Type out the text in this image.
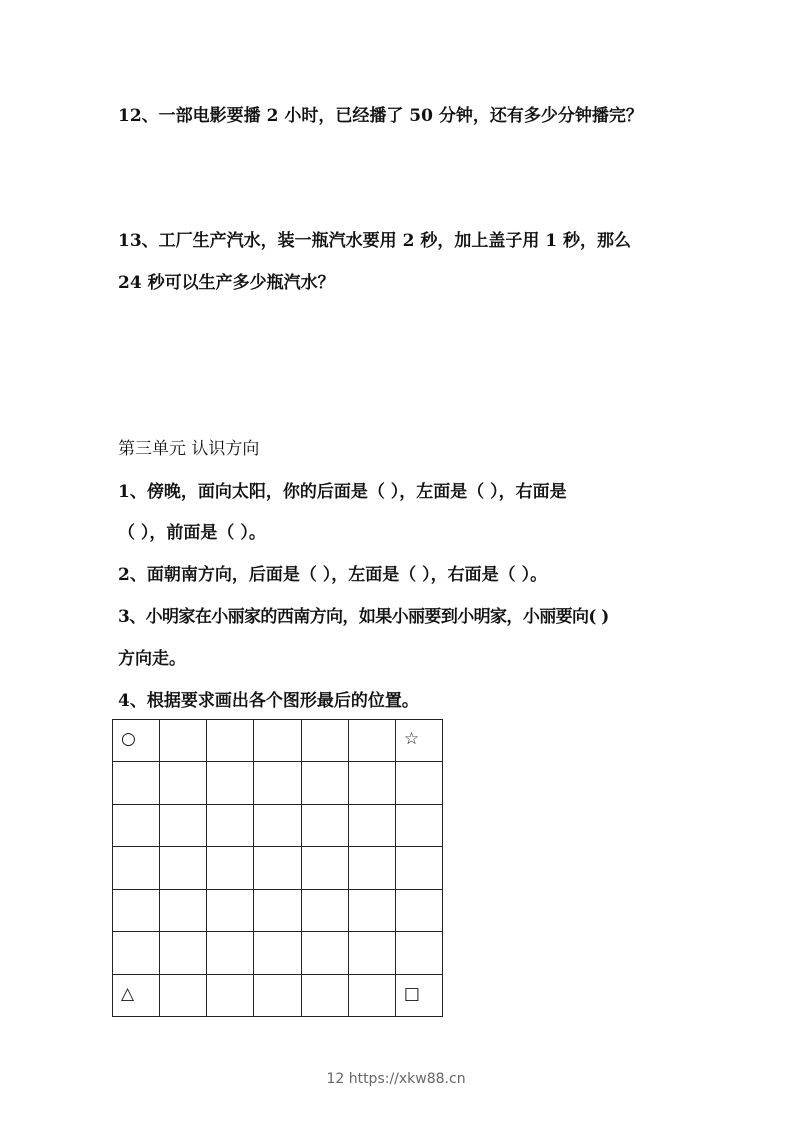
12、一部电影要播 2 小时，已经播了 50 分钟，还有多少分钟播完？
13、工厂生产汽水，装一瓶汽水要用 2 秒，加上盖子用 1 秒，那么
24 秒可以生产多少瓶汽水？
第三单元 认识方向
1、傍晚，面向太阳，你的后面是（ ），左面是（ ），右面是
（ ），前面是（ ）。
2、面朝南方向，后面是（ ），左面是（ ），右面是（ ）。
3、小明家在小丽家的西南方向，如果小丽要到小明家，小丽要向( )
方向走。
4、根据要求画出各个图形最后的位置。
○	☆
△	□
12 https://xkw88.cn
